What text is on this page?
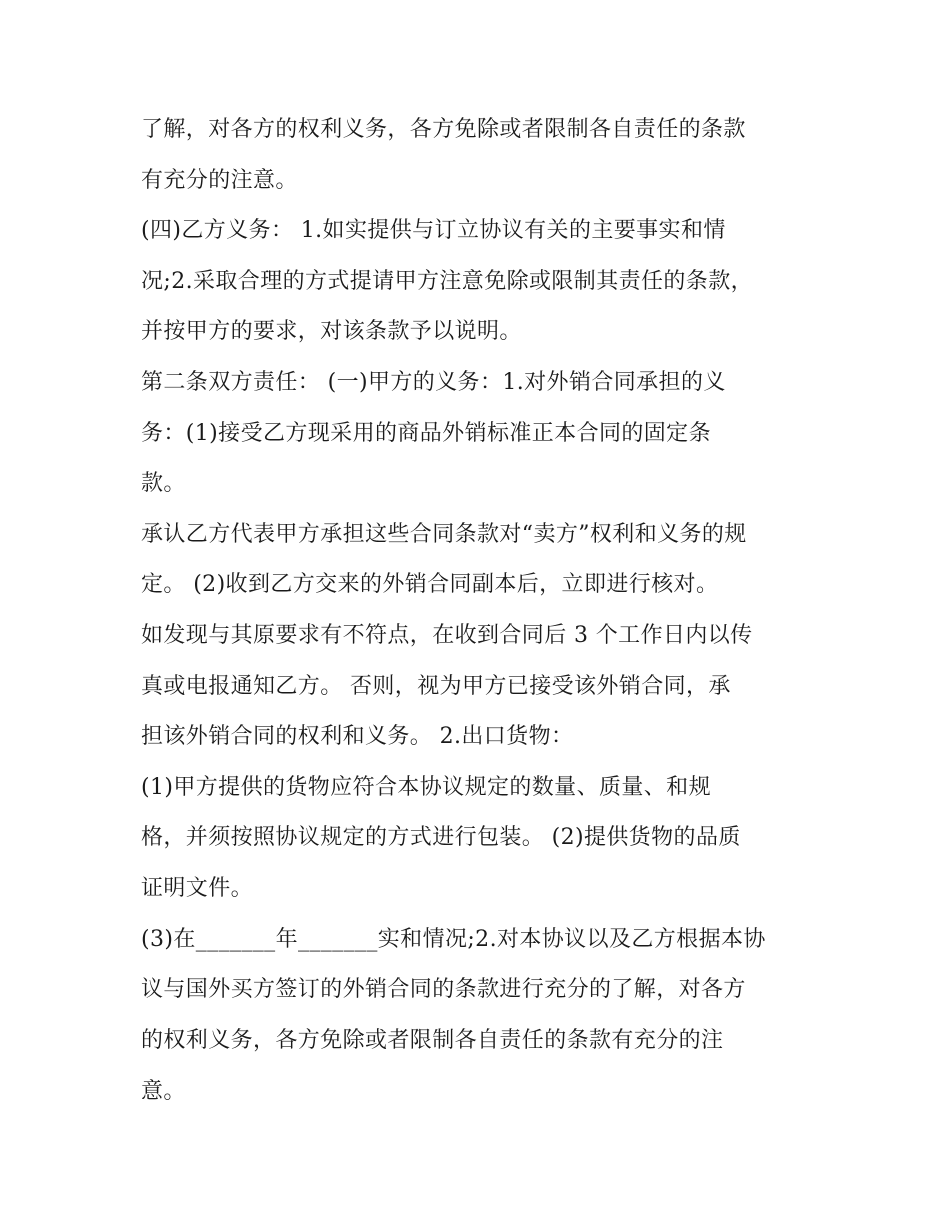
了解，对各方的权利义务，各方免除或者限制各自责任的条款
有充分的注意。
(四)乙方义务： 1.如实提供与订立协议有关的主要事实和情
况;2.采取合理的方式提请甲方注意免除或限制其责任的条款，
并按甲方的要求，对该条款予以说明。
第二条双方责任： (一)甲方的义务：1.对外销合同承担的义
务：(1)接受乙方现采用的商品外销标准正本合同的固定条
款。
承认乙方代表甲方承担这些合同条款对“卖方”权利和义务的规
定。 (2)收到乙方交来的外销合同副本后，立即进行核对。
如发现与其原要求有不符点，在收到合同后 3 个工作日内以传
真或电报通知乙方。 否则，视为甲方已接受该外销合同，承
担该外销合同的权利和义务。 2.出口货物：
(1)甲方提供的货物应符合本协议规定的数量、质量、和规
格，并须按照协议规定的方式进行包装。 (2)提供货物的品质
证明文件。
(3)在_______年_______实和情况;2.对本协议以及乙方根据本协
议与国外买方签订的外销合同的条款进行充分的了解，对各方
的权利义务，各方免除或者限制各自责任的条款有充分的注
意。
